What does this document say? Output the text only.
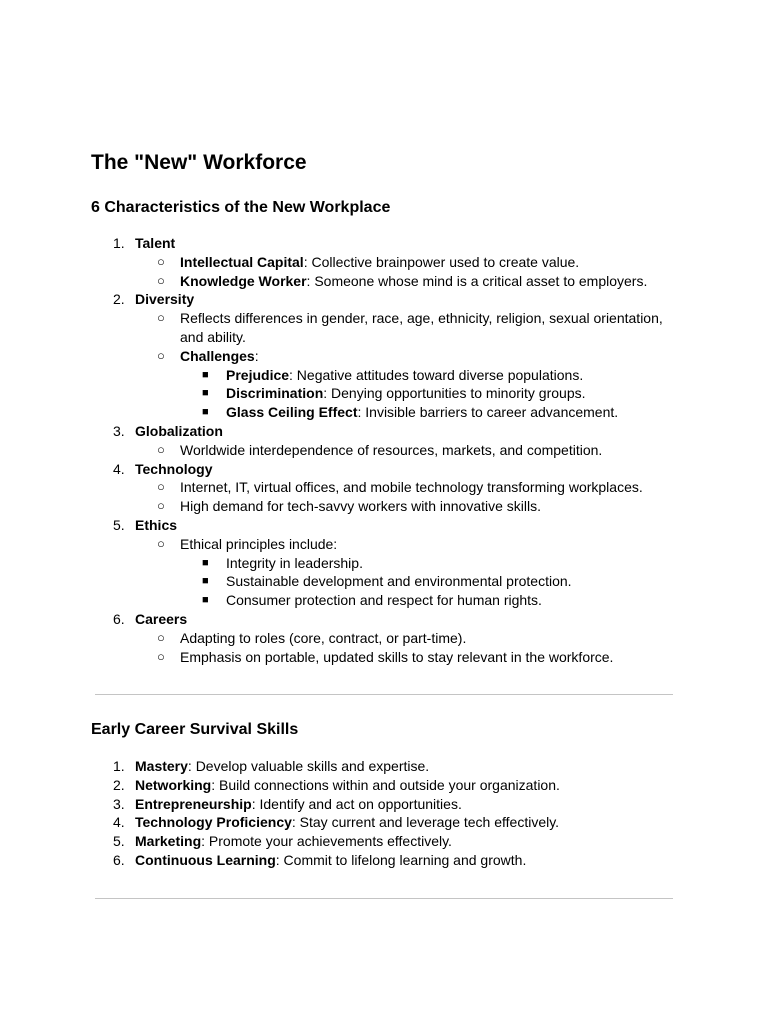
The "New" Workforce
6 Characteristics of the New Workplace
1. Talent
○ Intellectual Capital: Collective brainpower used to create value.
○ Knowledge Worker: Someone whose mind is a critical asset to employers.
2. Diversity
○ Reflects differences in gender, race, age, ethnicity, religion, sexual orientation,
and ability.
○ Challenges:
■ Prejudice: Negative attitudes toward diverse populations.
■ Discrimination: Denying opportunities to minority groups.
■ Glass Ceiling Effect: Invisible barriers to career advancement.
3. Globalization
○ Worldwide interdependence of resources, markets, and competition.
4. Technology
○ Internet, IT, virtual offices, and mobile technology transforming workplaces.
○ High demand for tech-savvy workers with innovative skills.
5. Ethics
○ Ethical principles include:
■ Integrity in leadership.
■ Sustainable development and environmental protection.
■ Consumer protection and respect for human rights.
6. Careers
○ Adapting to roles (core, contract, or part-time).
○ Emphasis on portable, updated skills to stay relevant in the workforce.
Early Career Survival Skills
1. Mastery: Develop valuable skills and expertise.
2. Networking: Build connections within and outside your organization.
3. Entrepreneurship: Identify and act on opportunities.
4. Technology Proficiency: Stay current and leverage tech effectively.
5. Marketing: Promote your achievements effectively.
6. Continuous Learning: Commit to lifelong learning and growth.
